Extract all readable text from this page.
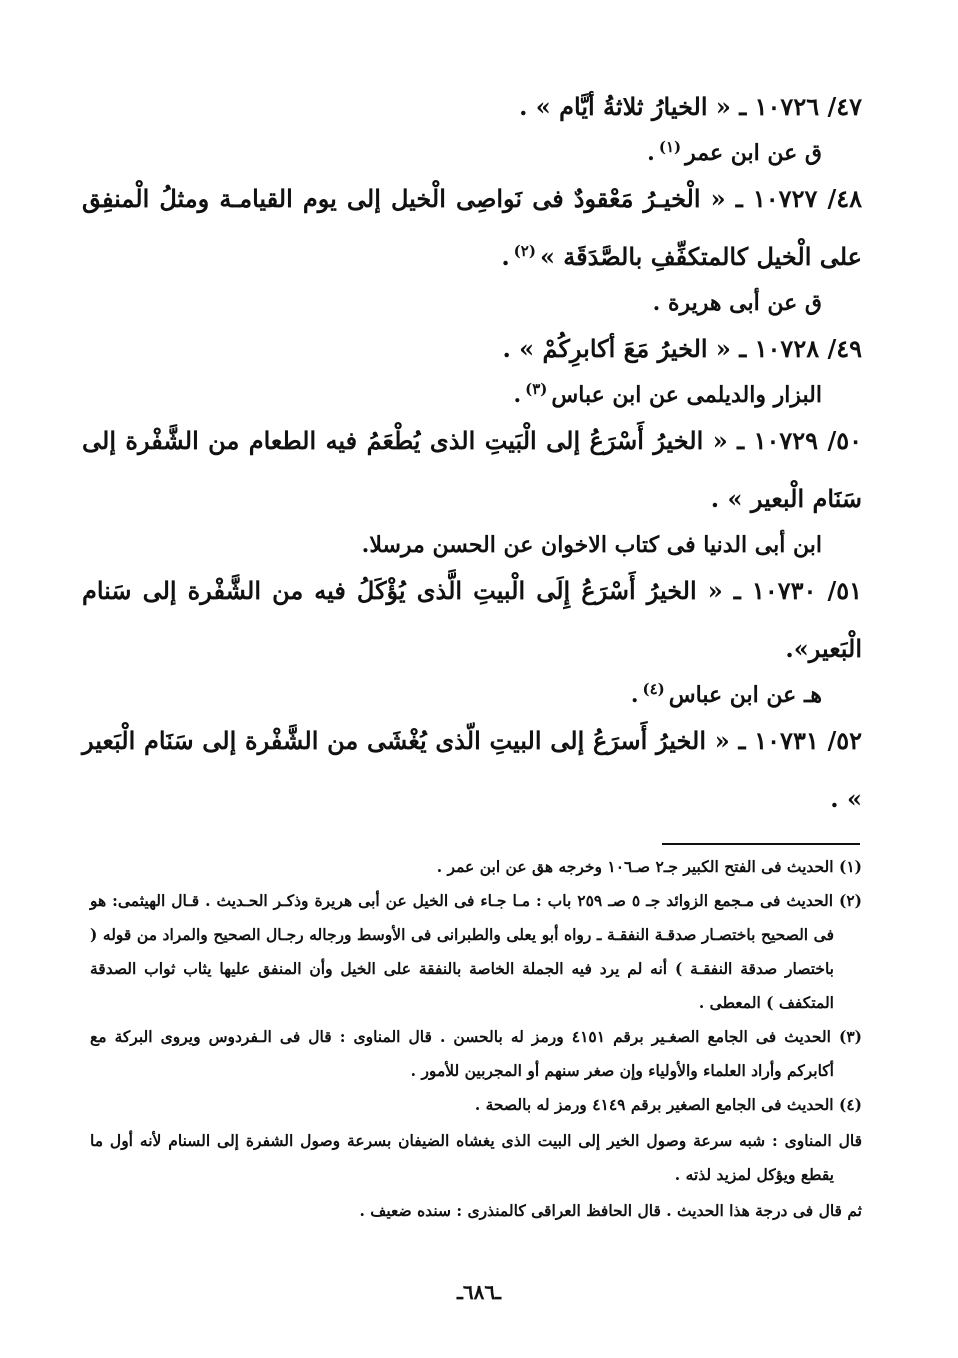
٤٧/ ١٠٧٢٦ ـ « الخيارُ ثلاثةُ أيَّام » .

ق عن ابن عمر$^{(١)}$.

٤٨/ ١٠٧٢٧ ـ « الْخيـرُ مَعْقودٌ فى نَواصِى الْخيل إلى يوم القيامـة ومثلُ الْمنفِق على الْخيل كالمتكفِّفِ بالصَّدَقَة »$^{(٢)}$.

ق عن أبى هريرة .

٤٩/ ١٠٧٢٨ ـ « الخيرُ مَعَ أكابرِكُمْ » .

البزار والديلمى عن ابن عباس$^{(٣)}$.

٥٠/ ١٠٧٢٩ ـ « الخيرُ أَسْرَعُ إلى الْبَيتِ الذى يُطْعَمُ فيه الطعام من الشَّفْرة إلى سَنَام الْبعير » .

ابن أبى الدنيا فى كتاب الاخوان عن الحسن مرسلا.

٥١/ ١٠٧٣٠ ـ « الخيرُ أَسْرَعُ إِلَى الْبيتِ الَّذى يُؤْكَلُ فيه من الشَّفْرة إلى سَنام الْبَعير».

هـ عن ابن عباس$^{(٤)}$.

٥٢/ ١٠٧٣١ ـ « الخيرُ أَسرَعُ إلى البيتِ الّذى يُغْشَى من الشَّفْرة إلى سَنَام الْبَعير » .

(١) الحديث فى الفتح الكبير جـ٢ صـ١٠٦ وخرجه هق عن ابن عمر .

(٢) الحديث فى مـجمع الزوائد جـ ٥ صـ ٢٥٩ باب : مـا جـاء فى الخيل عن أبى هريرة وذكـر الحـديث . قـال الهيثمى: هو فى الصحيح باختصـار صدقـة النفقـة ـ رواه أبو يعلى والطبرانى فى الأوسط ورجاله رجـال الصحيح والمراد من قوله ( باختصار صدقة النفقـة ) أنه لم يرد فيه الجملة الخاصة بالنفقة على الخيل وأن المنفق عليها يثاب ثواب الصدقة المتكفف ) المعطى .

(٣) الحديث فى الجامع الصغـير برقم ٤١٥١ ورمز له بالحسن . قال المناوى : قال فى الـفردوس ويروى البركة مع أكابركم وأراد العلماء والأولياء وإن صغر سنهم أو المجربين للأمور .

(٤) الحديث فى الجامع الصغير برقم ٤١٤٩ ورمز له بالصحة .

قال المناوى : شبه سرعة وصول الخير إلى البيت الذى يغشاه الضيفان بسرعة وصول الشفرة إلى السنام لأنه أول ما يقطع ويؤكل لمزيد لذته .

ثم قال فى درجة هذا الحديث . قال الحافظ العراقى كالمنذرى : سنده ضعيف .

ـ٦٨٦ـ
